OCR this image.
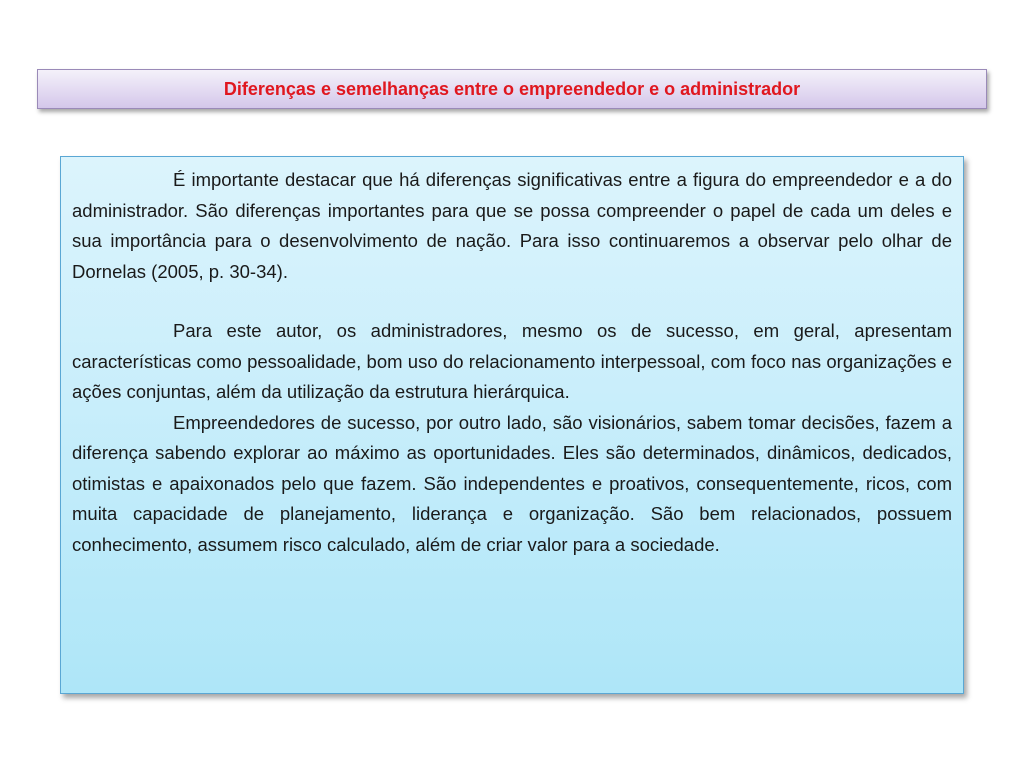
Diferenças e semelhanças entre o empreendedor e o administrador

É importante destacar que há diferenças significativas entre a figura do empreendedor e a do administrador. São diferenças importantes para que se possa compreender o papel de cada um deles e sua importância para o desenvolvimento de nação. Para isso continuaremos a observar pelo olhar de Dornelas (2005, p. 30-34).

Para este autor, os administradores, mesmo os de sucesso, em geral, apresentam características como pessoalidade, bom uso do relacionamento interpessoal, com foco nas organizações e ações conjuntas, além da utilização da estrutura hierárquica.

Empreendedores de sucesso, por outro lado, são visionários, sabem tomar decisões, fazem a diferença sabendo explorar ao máximo as oportunidades. Eles são determinados, dinâmicos, dedicados, otimistas e apaixonados pelo que fazem. São independentes e proativos, consequentemente, ricos, com muita capacidade de planejamento, liderança e organização. São bem relacionados, possuem conhecimento, assumem risco calculado, além de criar valor para a sociedade.
